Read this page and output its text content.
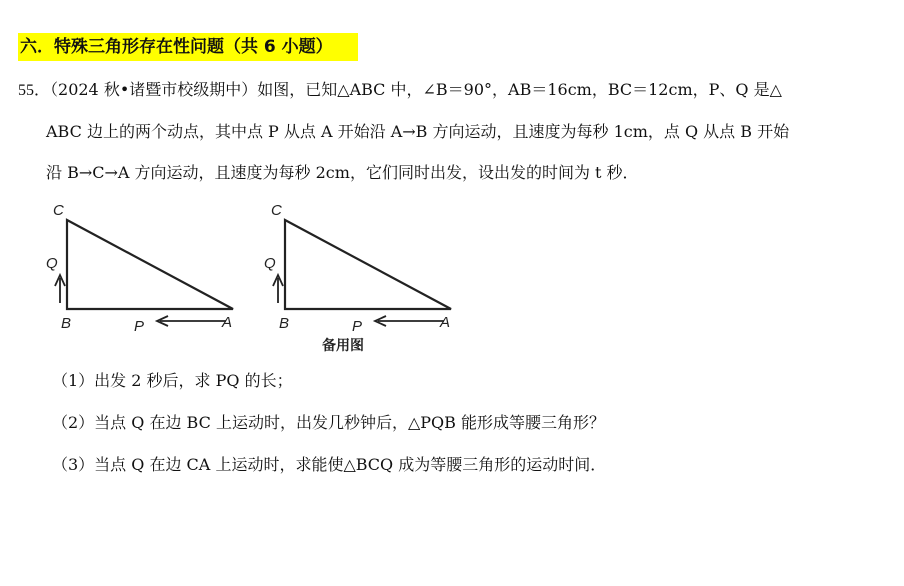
六．特殊三角形存在性问题（共 6 小题）
55．（2024 秋•诸暨市校级期中）如图，已知△ABC 中，∠B＝90°，AB＝16cm，BC＝12cm，P、Q 是△
ABC 边上的两个动点，其中点 P 从点 A 开始沿 A→B 方向运动，且速度为每秒 1cm，点 Q 从点 B 开始
沿 B→C→A 方向运动，且速度为每秒 2cm，它们同时出发，设出发的时间为 t 秒．
C
Q
B	P	A
C
Q
B	P	A
备用图
（1）出发 2 秒后，求 PQ 的长；
（2）当点 Q 在边 BC 上运动时，出发几秒钟后，△PQB 能形成等腰三角形？
（3）当点 Q 在边 CA 上运动时，求能使△BCQ 成为等腰三角形的运动时间．
